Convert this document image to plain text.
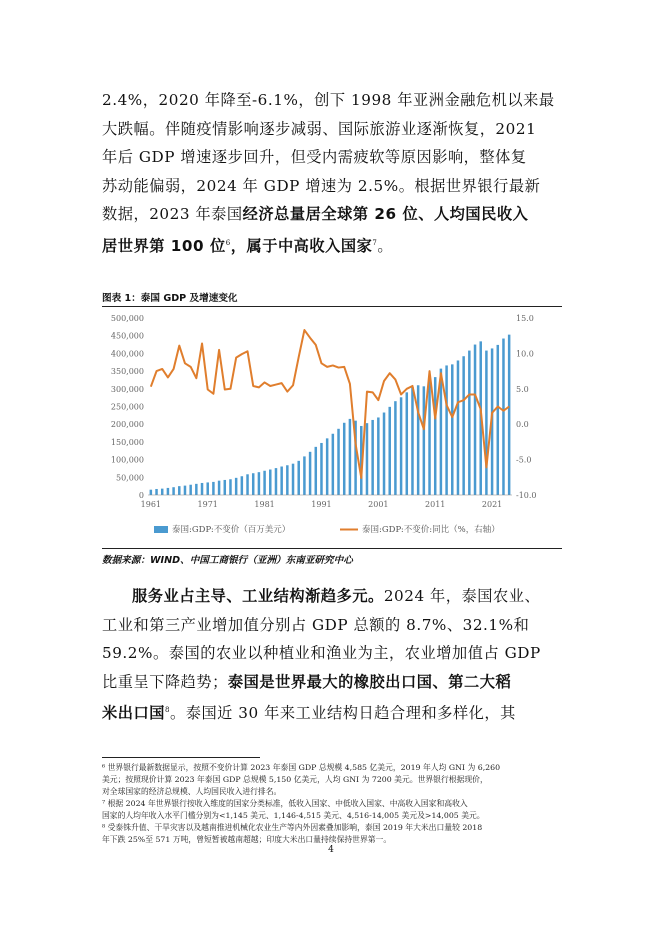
2.4%，2020 年降至-6.1%，创下 1998 年亚洲金融危机以来最

大跌幅。伴随疫情影响逐步减弱、国际旅游业逐渐恢复，2021

年后 GDP 增速逐步回升，但受内需疲软等原因影响，整体复

苏动能偏弱，2024 年 GDP 增速为 2.5%。根据世界银行最新

数据，2023 年泰国经济总量居全球第 26 位、人均国民收入

居世界第 100 位$^6$，属于中高收入国家$^7$。

图表 1：泰国 GDP 及增速变化
0
50,000
100,000
150,000
200,000
250,000
300,000
350,000
400,000
450,000
500,000
-10.0
-5.0
0.0
5.0
10.0
15.0
1961	1971	1981	1991	2001	2011	2021
泰国:GDP:不变价（百万美元）	泰国:GDP:不变价:同比（%，右轴）
数据来源：WIND、中国工商银行（亚洲）东南亚研究中心

服务业占主导、工业结构渐趋多元。2024 年，泰国农业、

工业和第三产业增加值分别占 GDP 总额的 8.7%、32.1%和

59.2%。泰国的农业以种植业和渔业为主，农业增加值占 GDP

比重呈下降趋势；泰国是世界最大的橡胶出口国、第二大稻

米出口国$^8$。泰国近 30 年来工业结构日趋合理和多样化，其

⁶ 世界银行最新数据显示，按照不变价计算 2023 年泰国 GDP 总规模 4,585 亿美元，2019 年人均 GNI 为 6,260

美元；按照现价计算 2023 年泰国 GDP 总规模 5,150 亿美元，人均 GNI 为 7200 美元。世界银行根据现价，

对全球国家的经济总规模、人均国民收入进行排名。

⁷ 根据 2024 年世界银行按收入维度的国家分类标准，低收入国家、中低收入国家、中高收入国家和高收入

国家的人均年收入水平门槛分别为<1,145 美元、1,146-4,515 美元、4,516-14,005 美元及>14,005 美元。

⁸ 受泰铢升值、干旱灾害以及越南推进机械化农业生产等内外因素叠加影响，泰国 2019 年大米出口量较 2018

年下跌 25%至 571 万吨，曾短暂被越南超越；印度大米出口量持续保持世界第一。

4
